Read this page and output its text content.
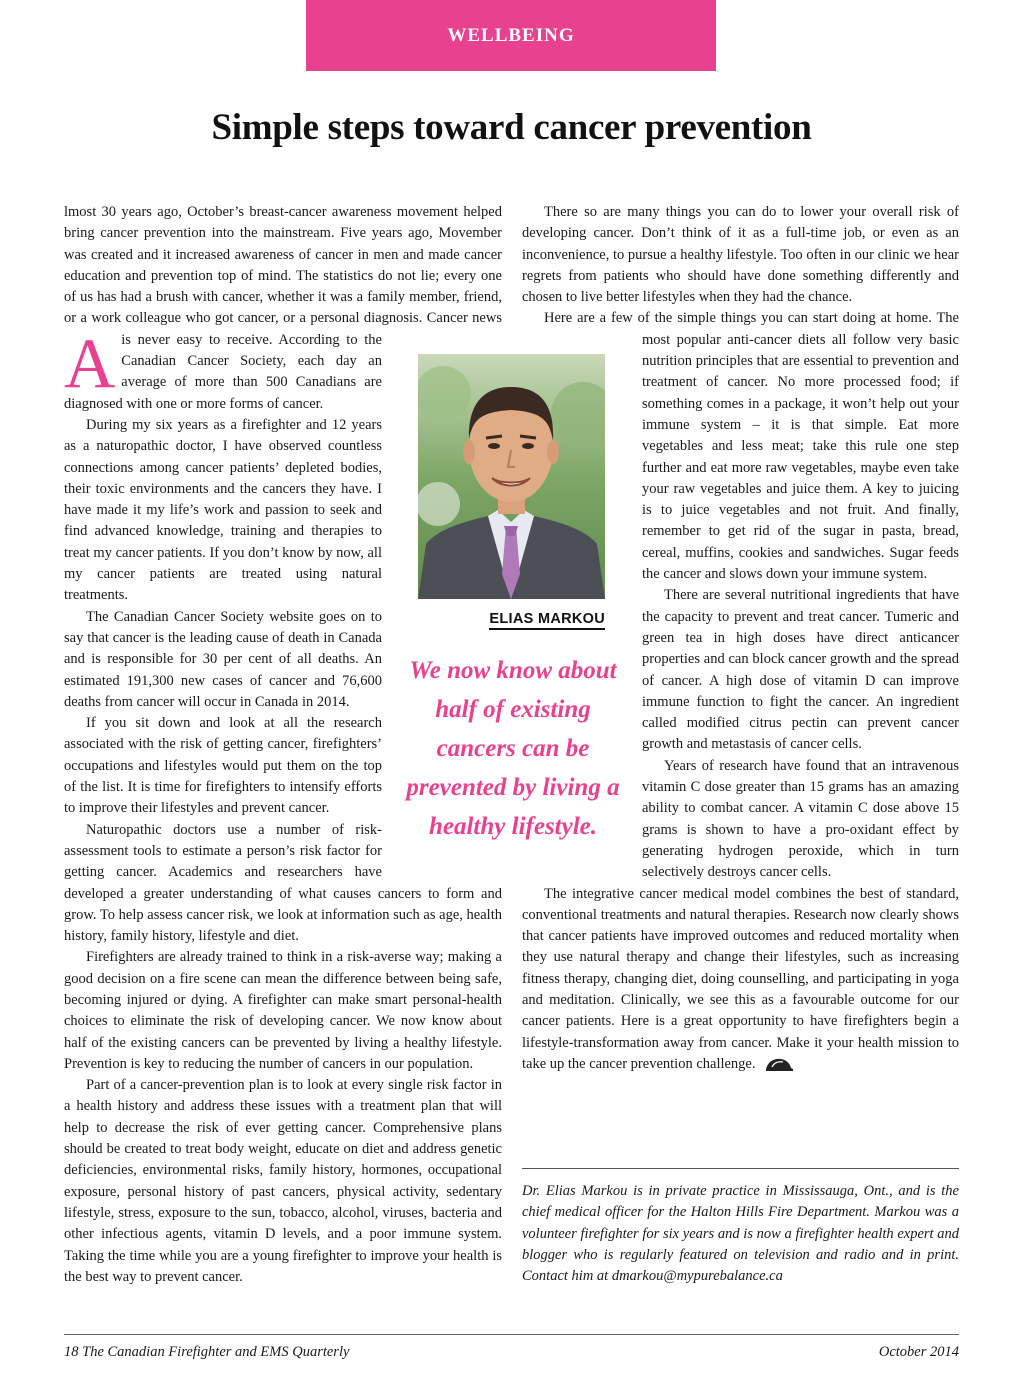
WELLBEING
Simple steps toward cancer prevention

A
lmost 30 years ago, October’s breast-cancer awareness movement helped bring cancer prevention into the mainstream. Five years ago, Movember was created and it increased awareness of cancer in men and made cancer education and prevention top of mind. The statistics do not lie; every one of us has had a brush with cancer, whether it was a family member, friend, or a work colleague who got cancer, or a personal diagnosis. Cancer news is never easy to receive. According to the Canadian Cancer Society, each day an average of more than 500 Canadians are diagnosed with one or more forms of cancer.

During my six years as a firefighter and 12 years as a naturopathic doctor, I have observed countless connections among cancer patients’ depleted bodies, their toxic environments and the cancers they have. I have made it my life’s work and passion to seek and find advanced knowledge, training and therapies to treat my cancer patients. If you don’t know by now, all my cancer patients are treated using natural treatments.

The Canadian Cancer Society website goes on to say that cancer is the leading cause of death in Canada and is responsible for 30 per cent of all deaths. An estimated 191,300 new cases of cancer and 76,600 deaths from cancer will occur in Canada in 2014.

If you sit down and look at all the research associated with the risk of getting cancer, firefighters’ occupations and lifestyles would put them on the top of the list. It is time for firefighters to intensify efforts to improve their lifestyles and prevent cancer.

Naturopathic doctors use a number of risk-assessment tools to estimate a person’s risk factor for getting cancer. Academics and researchers have developed a greater understanding of what causes cancers to form and grow. To help assess cancer risk, we look at information such as age, health history, family history, lifestyle and diet.

Firefighters are already trained to think in a risk-averse way; making a good decision on a fire scene can mean the difference between being safe, becoming injured or dying. A firefighter can make smart personal-health choices to eliminate the risk of developing cancer. We now know about half of the existing cancers can be prevented by living a healthy lifestyle. Prevention is key to reducing the number of cancers in our population.

Part of a cancer-prevention plan is to look at every single risk factor in a health history and address these issues with a treatment plan that will help to decrease the risk of ever getting cancer. Comprehensive plans should be created to treat body weight, educate on diet and address genetic deficiencies, environmental risks, family history, hormones, occupational exposure, personal history of past cancers, physical activity, sedentary lifestyle, stress, exposure to the sun, tobacco, alcohol, viruses, bacteria and other infectious agents, vitamin D levels, and a poor immune system. Taking the time while you are a young firefighter to improve your health is the best way to prevent cancer.

There so are many things you can do to lower your overall risk of developing cancer. Don’t think of it as a full-time job, or even as an inconvenience, to pursue a healthy lifestyle. Too often in our clinic we hear regrets from patients who should have done something differently and chosen to live better lifestyles when they had the chance.

Here are a few of the simple things you can start doing at home. The most popular anti-cancer diets all follow very basic nutrition principles that are essential to prevention and treatment of cancer. No more processed food; if something comes in a package, it won’t help out your immune system – it is that simple. Eat more vegetables and less meat; take this rule one step further and eat more raw vegetables, maybe even take your raw vegetables and juice them. A key to juicing is to juice vegetables and not fruit. And finally, remember to get rid of the sugar in pasta, bread, cereal, muffins, cookies and sandwiches. Sugar feeds the cancer and slows down your immune system.

There are several nutritional ingredients that have the capacity to prevent and treat cancer. Tumeric and green tea in high doses have direct anticancer properties and can block cancer growth and the spread of cancer. A high dose of vitamin D can improve immune function to fight the cancer. An ingredient called modified citrus pectin can prevent cancer growth and metastasis of cancer cells.

Years of research have found that an intravenous vitamin C dose greater than 15 grams has an amazing ability to combat cancer. A vitamin C dose above 15 grams is shown to have a pro-oxidant effect by generating hydrogen peroxide, which in turn selectively destroys cancer cells.

The integrative cancer medical model combines the best of standard, conventional treatments and natural therapies. Research now clearly shows that cancer patients have improved outcomes and reduced mortality when they use natural therapy and change their lifestyles, such as increasing fitness therapy, changing diet, doing counselling, and participating in yoga and meditation. Clinically, we see this as a favourable outcome for our cancer patients. Here is a great opportunity to have firefighters begin a lifestyle-transformation away from cancer. Make it your health mission to take up the cancer prevention challenge.

ELIAS MARKOU

We now know about half of existing cancers can be prevented by living a healthy lifestyle.

Dr. Elias Markou is in private practice in Mississauga, Ont., and is the chief medical officer for the Halton Hills Fire Department. Markou was a volunteer firefighter for six years and is now a firefighter health expert and blogger who is regularly featured on television and radio and in print. Contact him at dmarkou@mypurebalance.ca

18 The Canadian Firefighter and EMS Quarterly	October 2014
